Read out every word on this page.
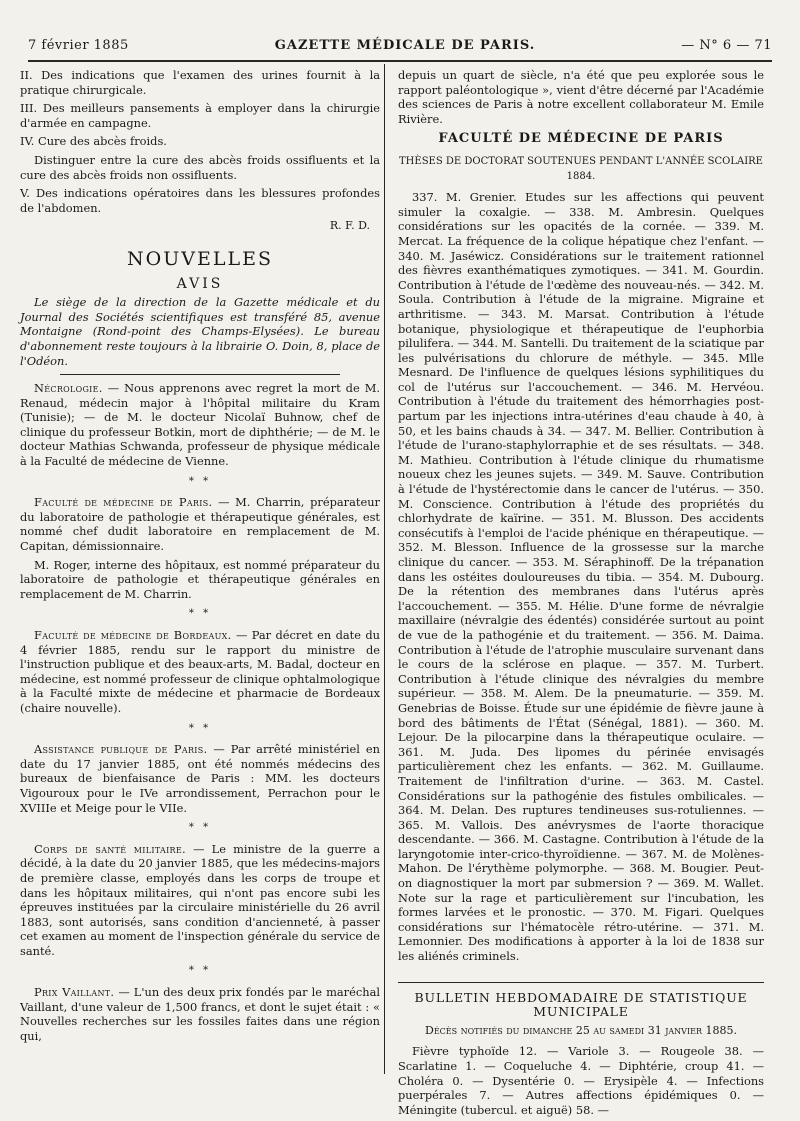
7 février 1885	GAZETTE MÉDICALE DE PARIS.	— N° 6 — 71

II. Des indications que l'examen des urines fournit à la pratique chirurgicale.

III. Des meilleurs pansements à employer dans la chirurgie d'armée en campagne.

IV. Cure des abcès froids.

Distinguer entre la cure des abcès froids ossifluents et la cure des abcès froids non ossifluents.

V. Des indications opératoires dans les blessures profondes de l'abdomen.

R. F. D.
NOUVELLES
AVIS

Le siège de la direction de la Gazette médicale et du Journal des Sociétés scientifiques est transféré 85, avenue Montaigne (Rond-point des Champs-Elysées). Le bureau d'abonnement reste toujours à la librairie O. Doin, 8, place de l'Odéon.

Nécrologie. — Nous apprenons avec regret la mort de M. Renaud, médecin major à l'hôpital militaire du Kram (Tunisie); — de M. le docteur Nicolaï Buhnow, chef de clinique du professeur Botkin, mort de diphthérie; — de M. le docteur Mathias Schwanda, professeur de physique médicale à la Faculté de médecine de Vienne.

* *

Faculté de médecine de Paris. — M. Charrin, préparateur du laboratoire de pathologie et thérapeutique générales, est nommé chef dudit laboratoire en remplacement de M. Capitan, démissionnaire.

M. Roger, interne des hôpitaux, est nommé préparateur du laboratoire de pathologie et thérapeutique générales en remplacement de M. Charrin.

* *

Faculté de médecine de Bordeaux. — Par décret en date du 4 février 1885, rendu sur le rapport du ministre de l'instruction publique et des beaux-arts, M. Badal, docteur en médecine, est nommé professeur de clinique ophtalmologique à la Faculté mixte de médecine et pharmacie de Bordeaux (chaire nouvelle).

* *

Assistance publique de Paris. — Par arrêté ministériel en date du 17 janvier 1885, ont été nommés médecins des bureaux de bienfaisance de Paris : MM. les docteurs Vigouroux pour le IVe arrondissement, Perrachon pour le XVIIIe et Meige pour le VIIe.

* *

Corps de santé militaire. — Le ministre de la guerre a décidé, à la date du 20 janvier 1885, que les médecins-majors de première classe, employés dans les corps de troupe et dans les hôpitaux militaires, qui n'ont pas encore subi les épreuves instituées par la circulaire ministérielle du 26 avril 1883, sont autorisés, sans condition d'ancienneté, à passer cet examen au moment de l'inspection générale du service de santé.

* *

Prix Vaillant. — L'un des deux prix fondés par le maréchal Vaillant, d'une valeur de 1,500 francs, et dont le sujet était : « Nouvelles recherches sur les fossiles faites dans une région qui,

depuis un quart de siècle, n'a été que peu explorée sous le rapport paléontologique », vient d'être décerné par l'Académie des sciences de Paris à notre excellent collaborateur M. Emile Rivière.

FACULTÉ DE MÉDECINE DE PARIS
THÈSES DE DOCTORAT SOUTENUES PENDANT L'ANNÉE SCOLAIRE 1884.

337. M. Grenier. Etudes sur les affections qui peuvent simuler la coxalgie. — 338. M. Ambresin. Quelques considérations sur les opacités de la cornée. — 339. M. Mercat. La fréquence de la colique hépatique chez l'enfant. — 340. M. Jaséwicz. Considérations sur le traitement rationnel des fièvres exanthématiques zymotiques. — 341. M. Gourdin. Contribution à l'étude de l'œdème des nouveau-nés. — 342. M. Soula. Contribution à l'étude de la migraine. Migraine et arthritisme. — 343. M. Marsat. Contribution à l'étude botanique, physiologique et thérapeutique de l'euphorbia pilulifera. — 344. M. Santelli. Du traitement de la sciatique par les pulvérisations du chlorure de méthyle. — 345. Mlle Mesnard. De l'influence de quelques lésions syphilitiques du col de l'utérus sur l'accouchement. — 346. M. Hervéou. Contribution à l'étude du traitement des hémorrhagies post-partum par les injections intra-utérines d'eau chaude à 40, à 50, et les bains chauds à 34. — 347. M. Bellier. Contribution à l'étude de l'urano-staphylorraphie et de ses résultats. — 348. M. Mathieu. Contribution à l'étude clinique du rhumatisme noueux chez les jeunes sujets. — 349. M. Sauve. Contribution à l'étude de l'hystérectomie dans le cancer de l'utérus. — 350. M. Conscience. Contribution à l'étude des propriétés du chlorhydrate de kaïrine. — 351. M. Blusson. Des accidents consécutifs à l'emploi de l'acide phénique en thérapeutique. — 352. M. Blesson. Influence de la grossesse sur la marche clinique du cancer. — 353. M. Séraphinoff. De la trépanation dans les ostéites douloureuses du tibia. — 354. M. Dubourg. De la rétention des membranes dans l'utérus après l'accouchement. — 355. M. Hélie. D'une forme de névralgie maxillaire (névralgie des édentés) considérée surtout au point de vue de la pathogénie et du traitement. — 356. M. Daima. Contribution à l'étude de l'atrophie musculaire survenant dans le cours de la sclérose en plaque. — 357. M. Turbert. Contribution à l'étude clinique des névralgies du membre supérieur. — 358. M. Alem. De la pneumaturie. — 359. M. Genebrias de Boisse. Étude sur une épidémie de fièvre jaune à bord des bâtiments de l'État (Sénégal, 1881). — 360. M. Lejour. De la pilocarpine dans la thérapeutique oculaire. — 361. M. Juda. Des lipomes du périnée envisagés particulièrement chez les enfants. — 362. M. Guillaume. Traitement de l'infiltration d'urine. — 363. M. Castel. Considérations sur la pathogénie des fistules ombilicales. — 364. M. Delan. Des ruptures tendineuses sus-rotuliennes. — 365. M. Vallois. Des anévrysmes de l'aorte thoracique descendante. — 366. M. Castagne. Contribution à l'étude de la laryngotomie inter-crico-thyroïdienne. — 367. M. de Molènes-Mahon. De l'érythème polymorphe. — 368. M. Bougier. Peut-on diagnostiquer la mort par submersion ? — 369. M. Wallet. Note sur la rage et particulièrement sur l'incubation, les formes larvées et le pronostic. — 370. M. Figari. Quelques considérations sur l'hématocèle rétro-utérine. — 371. M. Lemonnier. Des modifications à apporter à la loi de 1838 sur les aliénés criminels.

BULLETIN HEBDOMADAIRE DE STATISTIQUE

MUNICIPALE

Décès notifiés du dimanche 25 au samedi 31 janvier 1885.

Fièvre typhoïde 12. — Variole 3. — Rougeole 38. — Scarlatine 1. — Coqueluche 4. — Diphtérie, croup 41. — Choléra 0. — Dysentérie 0. — Erysipèle 4. — Infections puerpérales 7. — Autres affections épidémiques 0. — Méningite (tubercul. et aiguë) 58. —
